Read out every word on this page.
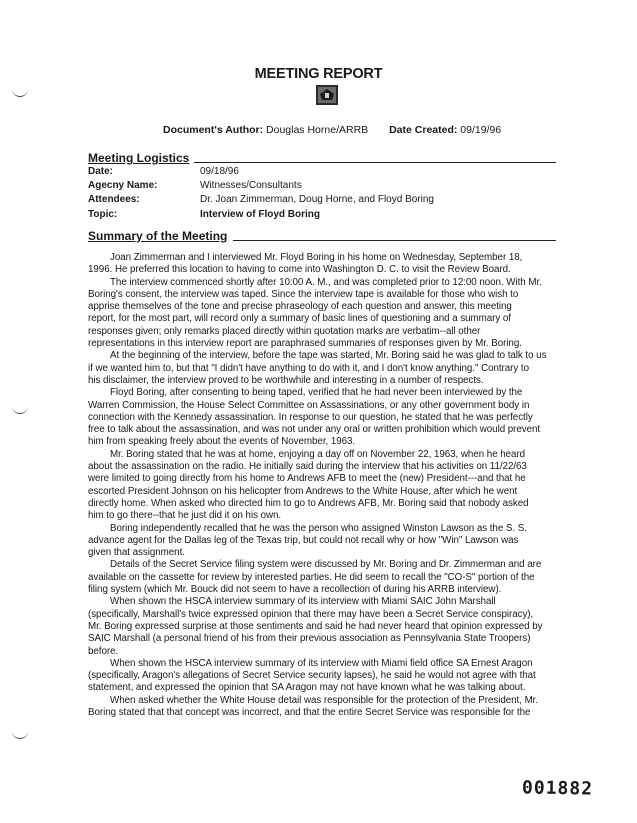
MEETING REPORT
Document's Author: Douglas Horne/ARRB Date Created: 09/19/96
Meeting Logistics
Date:	09/18/96
Agecny Name:	Witnesses/Consultants
Attendees:	Dr. Joan Zimmerman, Doug Horne, and Floyd Boring
Topic:	Interview of Floyd Boring
Summary of the Meeting
Joan Zimmerman and I interviewed Mr. Floyd Boring in his home on Wednesday, September 18,
1996. He preferred this location to having to come into Washington D. C. to visit the Review Board.
The interview commenced shortly after 10:00 A. M., and was completed prior to 12:00 noon. With Mr.
Boring's consent, the interview was taped. Since the interview tape is available for those who wish to
apprise themselves of the tone and precise phraseology of each question and answer, this meeting
report, for the most part, will record only a summary of basic lines of questioning and a summary of
responses given; only remarks placed directly within quotation marks are verbatim--all other
representations in this interview report are paraphrased summaries of responses given by Mr. Boring.
At the beginning of the interview, before the tape was started, Mr. Boring said he was glad to talk to us
if we wanted him to, but that "I didn't have anything to do with it, and I don't know anything." Contrary to
his disclaimer, the interview proved to be worthwhile and interesting in a number of respects.
Floyd Boring, after consenting to being taped, verified that he had never been interviewed by the
Warren Commission, the House Select Committee on Assassinations, or any other government body in
connection with the Kennedy assassination. In response to our question, he stated that he was perfectly
free to talk about the assassination, and was not under any oral or written prohibition which would prevent
him from speaking freely about the events of November, 1963.
Mr. Boring stated that he was at home, enjoying a day off on November 22, 1963, when he heard
about the assassination on the radio. He initially said during the interview that his activities on 11/22/63
were limited to going directly from his home to Andrews AFB to meet the (new) President---and that he
escorted President Johnson on his helicopter from Andrews to the White House, after which he went
directly home. When asked who directed him to go to Andrews AFB, Mr. Boring said that nobody asked
him to go there--that he just did it on his own.
Boring independently recalled that he was the person who assigned Winston Lawson as the S. S.
advance agent for the Dallas leg of the Texas trip, but could not recall why or how "Win" Lawson was
given that assignment.
Details of the Secret Service filing system were discussed by Mr. Boring and Dr. Zimmerman and are
available on the cassette for review by interested parties. He did seem to recall the "CO-S" portion of the
filing system (which Mr. Bouck did not seem to have a recollection of during his ARRB interview).
When shown the HSCA interview summary of its interview with Miami SAIC John Marshall
(specifically, Marshall's twice expressed opinion that there may have been a Secret Service conspiracy),
Mr. Boring expressed surprise at those sentiments and said he had never heard that opinion expressed by
SAIC Marshall (a personal friend of his from their previous association as Pennsylvania State Troopers)
before.
When shown the HSCA interview summary of its interview with Miami field office SA Ernest Aragon
(specifically, Aragon's allegations of Secret Service security lapses), he said he would not agree with that
statement, and expressed the opinion that SA Aragon may not have known what he was talking about.
When asked whether the White House detail was responsible for the protection of the President, Mr.
Boring stated that that concept was incorrect, and that the entire Secret Service was responsible for the
001882
